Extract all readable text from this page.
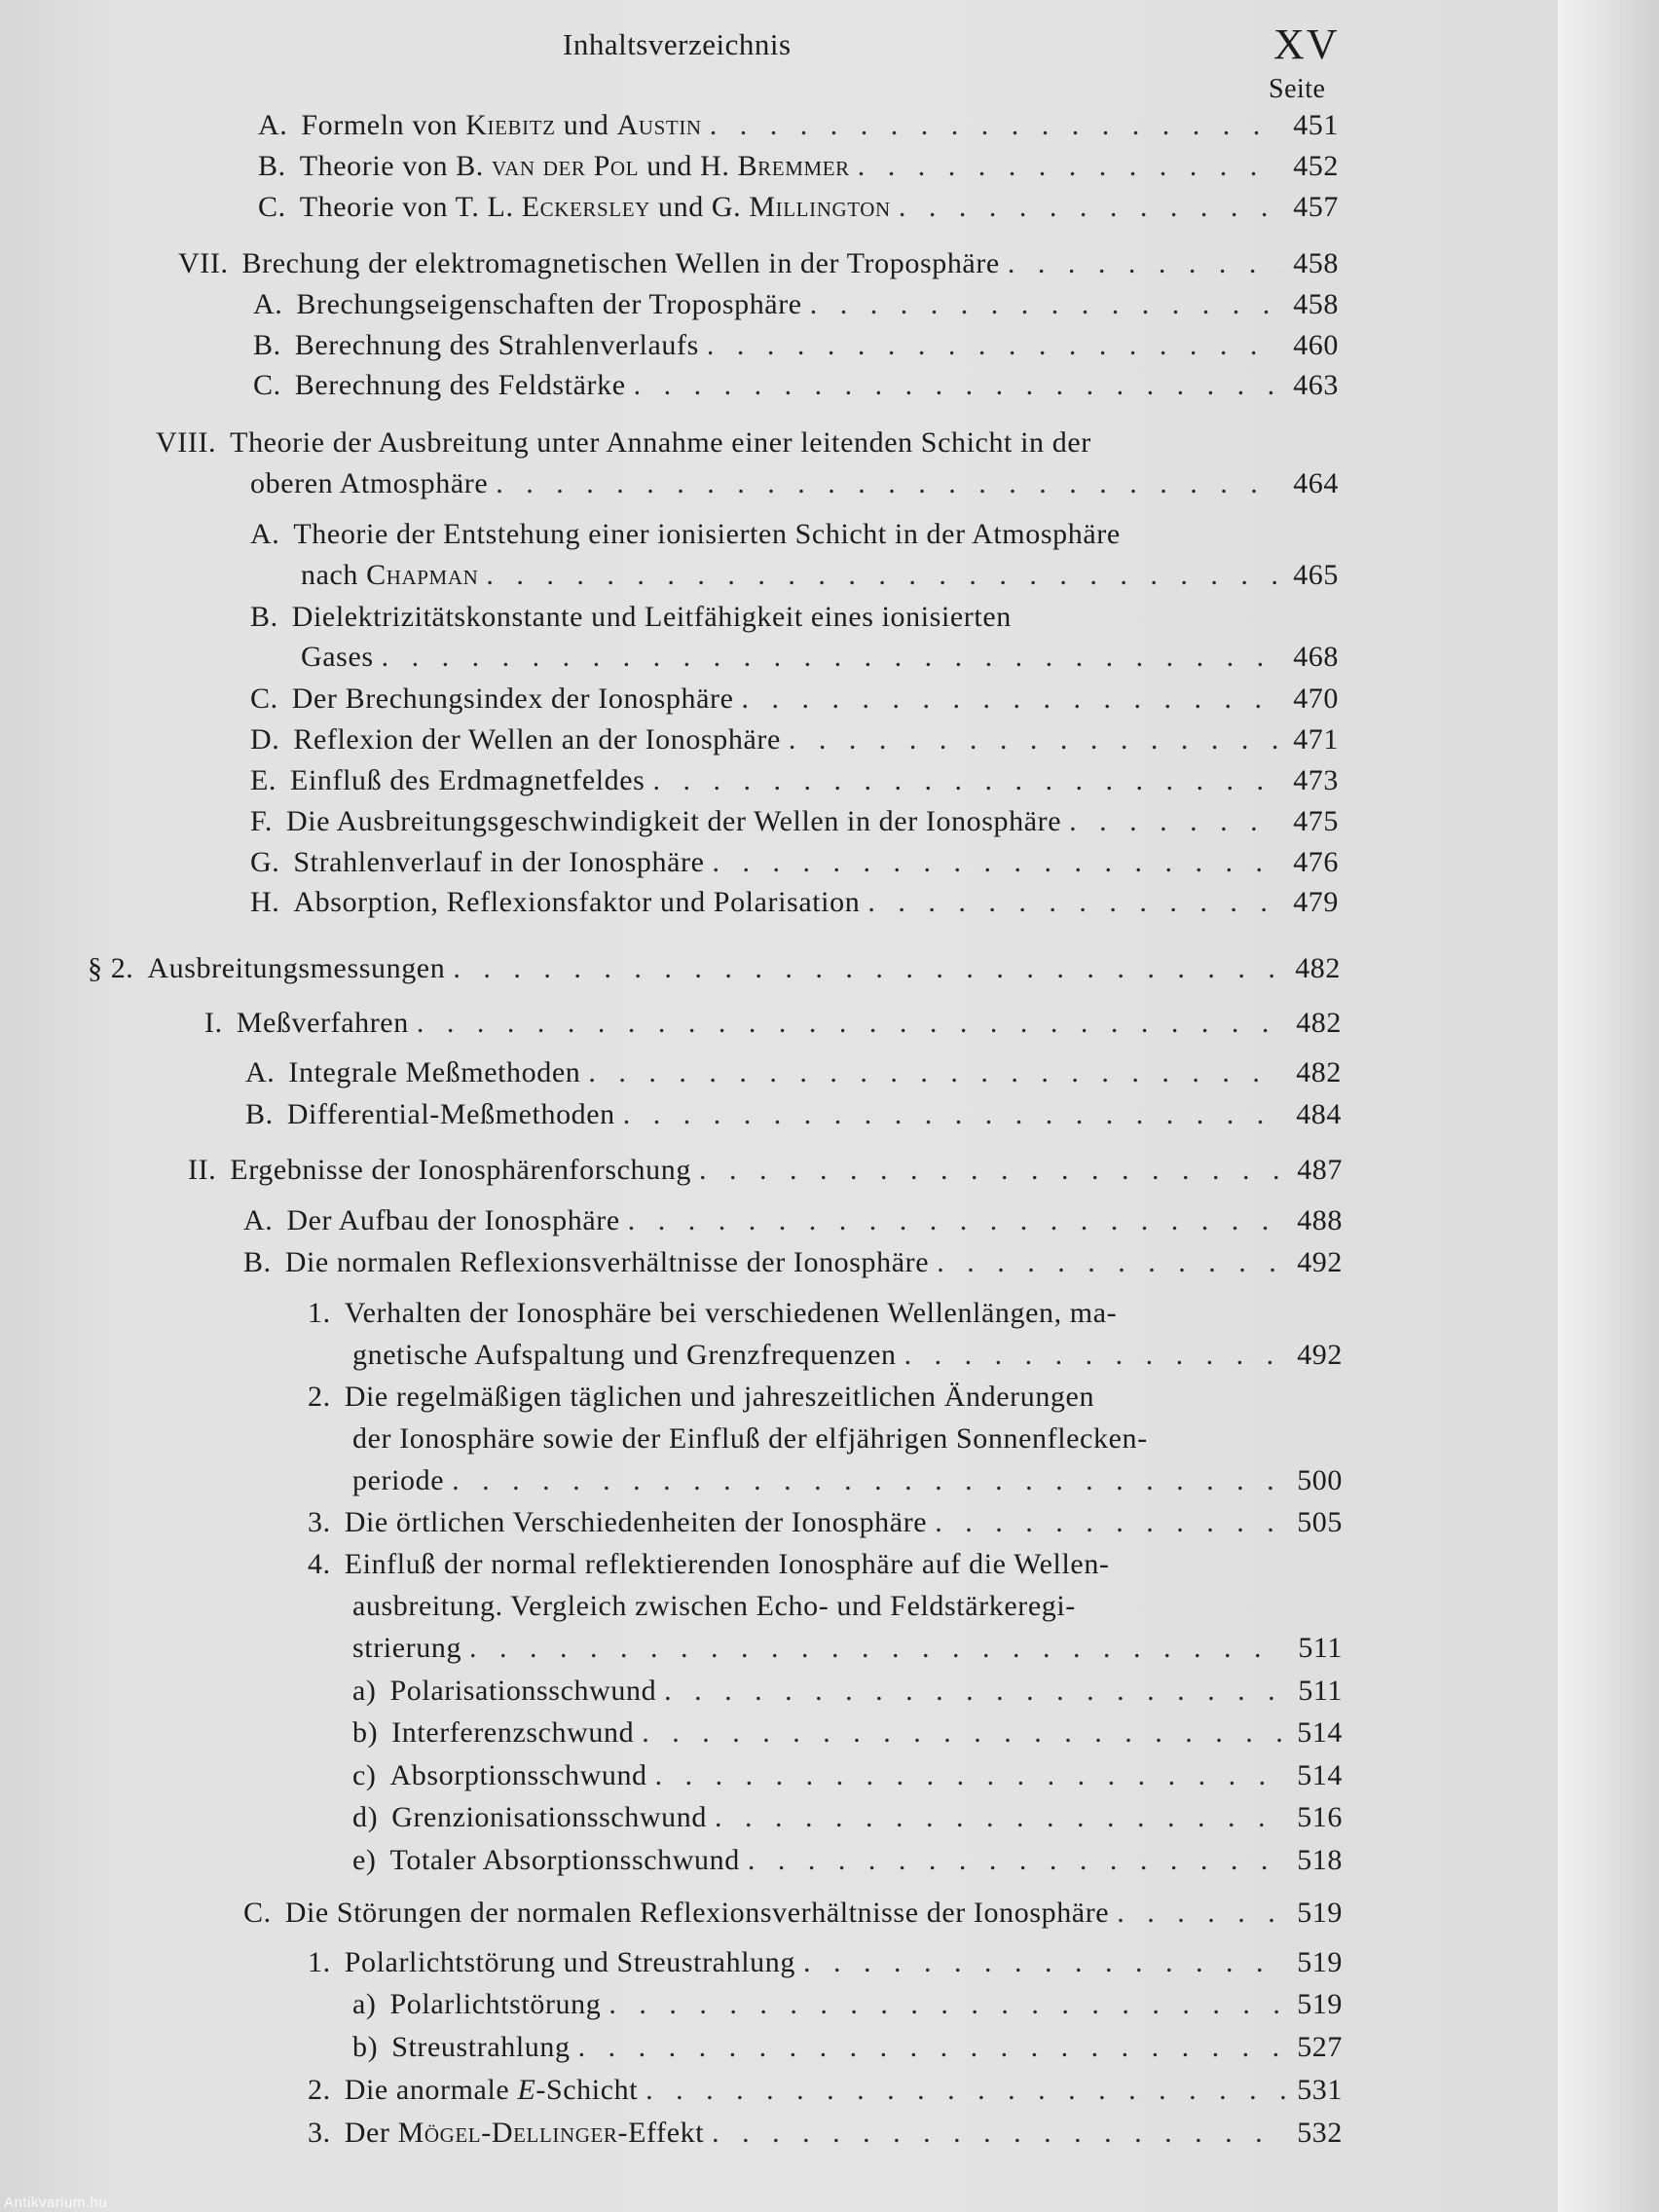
Inhaltsverzeichnis	XV
Seite
A. Formeln von Kiebitz und Austin . . .	451
B. Theorie von B. van der Pol und H. Bremmer . . .	452
C. Theorie von T. L. Eckersley und G. Millington . . .	457
VII. Brechung der elektromagnetischen Wellen in der Troposphäre . . .	458
A. Brechungseigenschaften der Troposphäre . . .	458
B. Berechnung des Strahlenverlaufs . . .	460
C. Berechnung des Feldstärke . . .	463
VIII. Theorie der Ausbreitung unter Annahme einer leitenden Schicht in der
oberen Atmosphäre . . .	464
A. Theorie der Entstehung einer ionisierten Schicht in der Atmosphäre
nach Chapman . . .	465
B. Dielektrizitätskonstante und Leitfähigkeit eines ionisierten
Gases . . .	468
C. Der Brechungsindex der Ionosphäre . . .	470
D. Reflexion der Wellen an der Ionosphäre . . .	471
E. Einfluß des Erdmagnetfeldes . . .	473
F. Die Ausbreitungsgeschwindigkeit der Wellen in der Ionosphäre . . .	475
G. Strahlenverlauf in der Ionosphäre . . .	476
H. Absorption, Reflexionsfaktor und Polarisation . . .	479
§ 2. Ausbreitungsmessungen . . .	482
I. Meßverfahren . . .	482
A. Integrale Meßmethoden . . .	482
B. Differential-Meßmethoden . . .	484
II. Ergebnisse der Ionosphärenforschung . . .	487
A. Der Aufbau der Ionosphäre . . .	488
B. Die normalen Reflexionsverhältnisse der Ionosphäre . . .	492
1. Verhalten der Ionosphäre bei verschiedenen Wellenlängen, ma-
gnetische Aufspaltung und Grenzfrequenzen . . .	492
2. Die regelmäßigen täglichen und jahreszeitlichen Änderungen
der Ionosphäre sowie der Einfluß der elfjährigen Sonnenflecken-
periode . . .	500
3. Die örtlichen Verschiedenheiten der Ionosphäre . . .	505
4. Einfluß der normal reflektierenden Ionosphäre auf die Wellen-
ausbreitung. Vergleich zwischen Echo- und Feldstärkeregi-
strierung . . .	511
a) Polarisationsschwund . . .	511
b) Interferenzschwund . . .	514
c) Absorptionsschwund . . .	514
d) Grenzionisationsschwund . . .	516
e) Totaler Absorptionsschwund . . .	518
C. Die Störungen der normalen Reflexionsverhältnisse der Ionosphäre . . .	519
1. Polarlichtstörung und Streustrahlung . . .	519
a) Polarlichtstörung . . .	519
b) Streustrahlung . . .	527
2. Die anormale E-Schicht . . .	531
3. Der Mögel-Dellinger-Effekt . . .	532
Antikvarium.hu
